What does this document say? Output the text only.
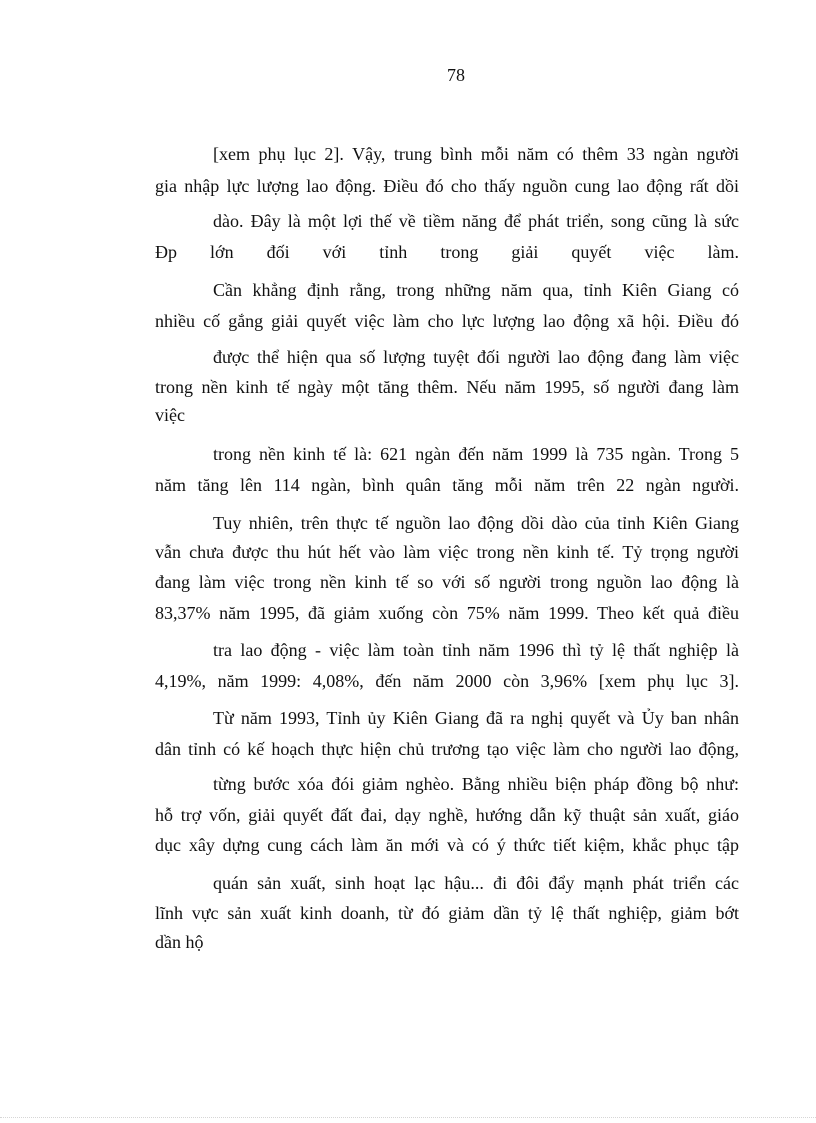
78
[xem phụ lục 2]. Vậy, trung bình mỗi năm có thêm 33 ngàn người
gia nhập lực lượng lao động. Điều đó cho thấy nguồn cung lao động rất dồi
dào. Đây là một lợi thế về tiềm năng để phát triển, song cũng là sức
Đp lớn đối với tỉnh trong giải quyết việc làm.
Cần khẳng định rằng, trong những năm qua, tỉnh Kiên Giang có
nhiều cố gắng giải quyết việc làm cho lực lượng lao động xã hội. Điều đó
được thể hiện qua số lượng tuyệt đối người lao động đang làm việc
trong nền kinh tế ngày một tăng thêm. Nếu năm 1995, số người đang làm
việc
trong nền kinh tế là: 621 ngàn đến năm 1999 là 735 ngàn. Trong 5
năm tăng lên 114 ngàn, bình quân tăng mỗi năm trên 22 ngàn người.
Tuy nhiên, trên thực tế nguồn lao động dồi dào của tỉnh Kiên Giang
vẫn chưa được thu hút hết vào làm việc trong nền kinh tế. Tỷ trọng người
đang làm việc trong nền kinh tế so với số người trong nguồn lao động là
83,37% năm 1995, đã giảm xuống còn 75% năm 1999. Theo kết quả điều
tra lao động - việc làm toàn tỉnh năm 1996 thì tỷ lệ thất nghiệp là
4,19%, năm 1999: 4,08%, đến năm 2000 còn 3,96% [xem phụ lục 3].
Từ năm 1993, Tỉnh ủy Kiên Giang đã ra nghị quyết và Ủy ban nhân
dân tỉnh có kế hoạch thực hiện chủ trương tạo việc làm cho người lao động,
từng bước xóa đói giảm nghèo. Bằng nhiều biện pháp đồng bộ như:
hỗ trợ vốn, giải quyết đất đai, dạy nghề, hướng dẫn kỹ thuật sản xuất, giáo
dục xây dựng cung cách làm ăn mới và có ý thức tiết kiệm, khắc phục tập
quán sản xuất, sinh hoạt lạc hậu... đi đôi đẩy mạnh phát triển các
lĩnh vực sản xuất kinh doanh, từ đó giảm dần tỷ lệ thất nghiệp, giảm bớt
dần hộ
